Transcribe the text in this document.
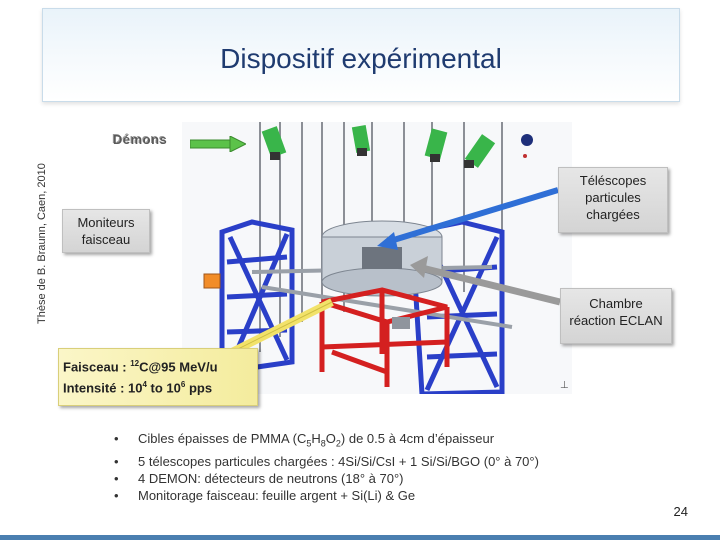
Dispositif expérimental
Thèse de B. Braunn, Caen, 2010
⊥
Démons
Téléscopes
particules
chargées
Moniteurs
faisceau
Chambre
réaction ECLAN
Faisceau : $^{12}$C@95 MeV/u
Intensité : $10^4$ to $10^6$ pps
•	Cibles épaisses de PMMA $(C_5H_8O_2)$ de 0.5 à 4cm d’épaisseur
•	5 télescopes particules chargées : 4Si/Si/CsI + 1 Si/Si/BGO (0° à 70°)
•	4 DEMON: détecteurs de neutrons (18° à 70°)
•	Monitorage faisceau: feuille argent + Si(Li) & Ge
24
